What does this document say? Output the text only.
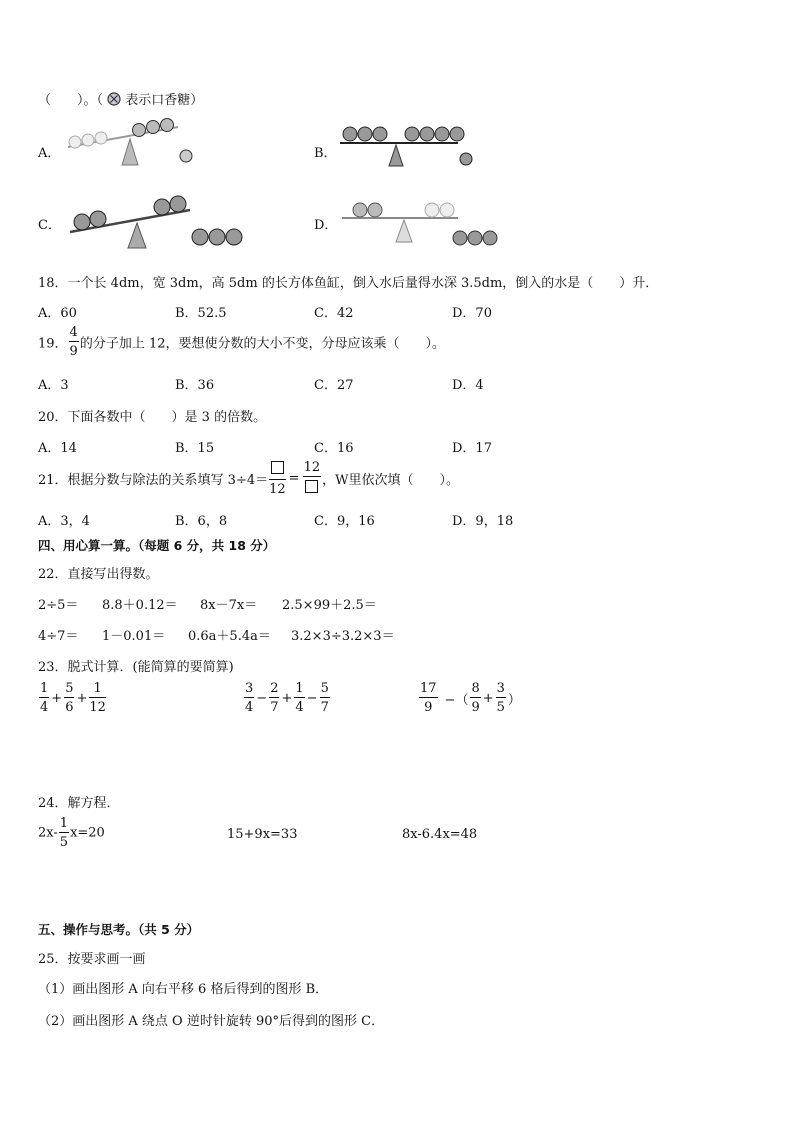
（　　）。（ 表示口香糖）
A．	B．
C．	D．
18．一个长 4dm，宽 3dm，高 5dm 的长方体鱼缸，倒入水后量得水深 3.5dm，倒入的水是（　　）升．
A．60	B．52.5	C．42	D．70
19． $\frac{4}{9}$ 的分子加上 12，要想使分数的大小不变，分母应该乘（　　）。
A．3	B．36	C．27	D．4
20．下面各数中（　　）是 3 的倍数。
A．14	B．15	C．16	D．17
21．根据分数与除法的关系填写 3÷4＝
12
=
12
，W里依次填（　　）。
A．3，4	B．6，8	C．9，16	D．9，18
四、用心算一算。（每题 6 分，共 18 分）
22．直接写出得数。
2÷5＝ 8.8＋0.12＝ 8x－7x＝ 2.5×99＋2.5＝
4÷7＝ 1－0.01＝ 0.6a＋5.4a＝ 3.2×3÷3.2×3＝
23．脱式计算．(能简算的要简算)
$\frac{1}{4} + \frac{5}{6} + \frac{1}{12}$	$\frac{3}{4} - \frac{2}{7} + \frac{1}{4} - \frac{5}{7}$	$\frac{17}{9}$ −（ $\frac{8}{9} + \frac{3}{5}$ ）
24．解方程．
$2x- \frac{1}{5} x=20$	15+9x=33	8x-6.4x=48
五、操作与思考。（共 5 分）
25．按要求画一画
（1）画出图形 A 向右平移 6 格后得到的图形 B．
（2）画出图形 A 绕点 O 逆时针旋转 90°后得到的图形 C．
